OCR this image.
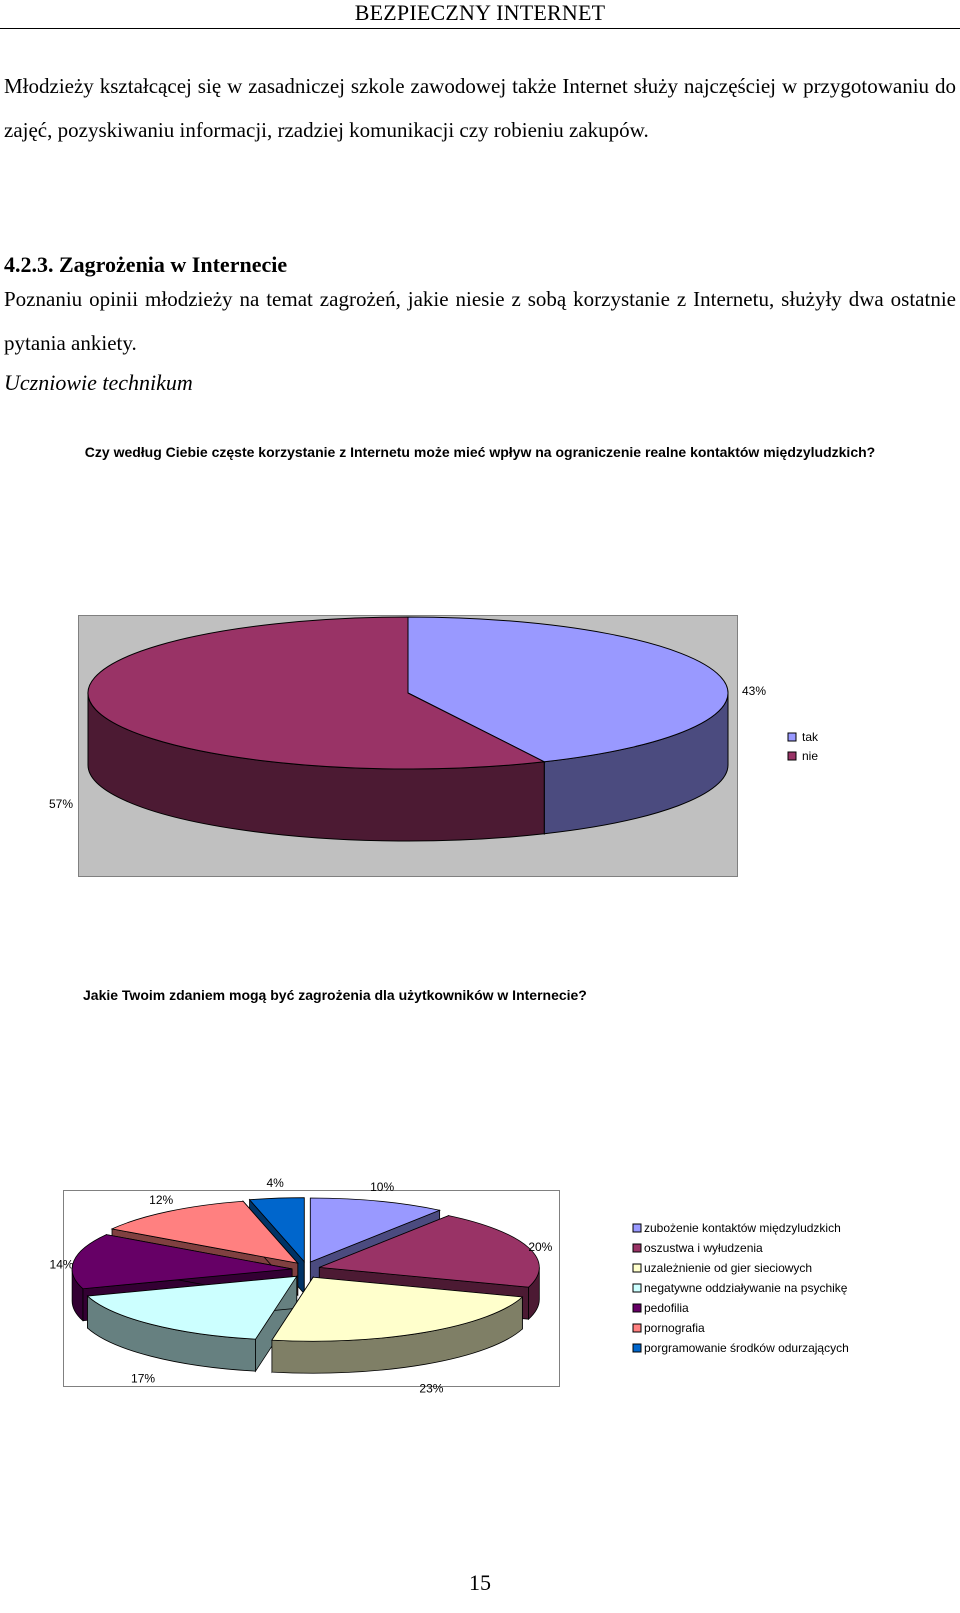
BEZPIECZNY INTERNET
Młodzieży kształcącej się w zasadniczej szkole zawodowej także Internet służy najczęściej w przygotowaniu do zajęć, pozyskiwaniu informacji, rzadziej komunikacji czy robieniu zakupów.
4.2.3. Zagrożenia w Internecie
Poznaniu opinii młodzieży na temat zagrożeń, jakie niesie z sobą korzystanie z Internetu, służyły dwa ostatnie pytania ankiety.
Uczniowie technikum
Czy według Ciebie częste korzystanie z Internetu może mieć wpływ na ograniczenie realne kontaktów międzyludzkich?
43%
57%
tak
nie
Jakie Twoim zdaniem mogą być zagrożenia dla użytkowników w Internecie?
10%
20%
23%
17%
14%
12%
4%
zubożenie kontaktów międzyludzkich
oszustwa i wyłudzenia
uzależnienie od gier sieciowych
negatywne oddziaływanie na psychikę
pedofilia
pornografia
porgramowanie środków odurzających
15
